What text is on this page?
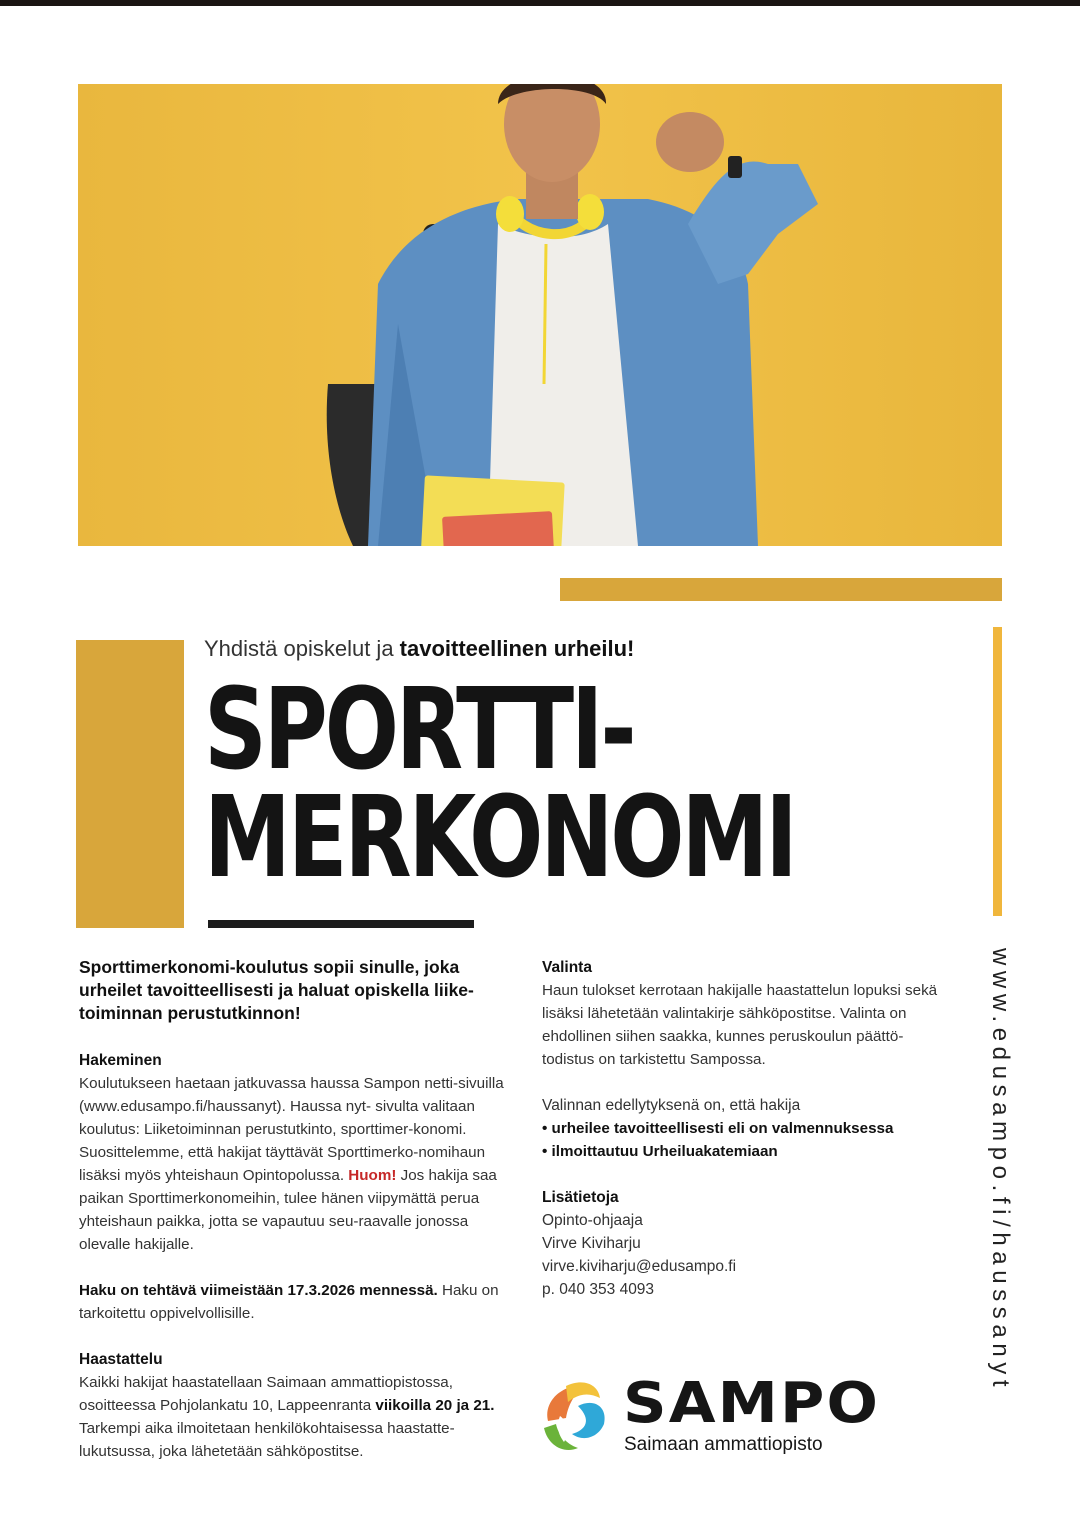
Yhdistä opiskelut ja tavoitteellinen urheilu!
SPORTTI-
MERKONOMI
www.edusampo.fi/haussanyt

Sporttimerkonomi-koulutus sopii sinulle, joka urheilet tavoitteellisesti ja haluat opiskella liike-toiminnan perustutkinnon!

Hakeminen

Koulutukseen haetaan jatkuvassa haussa Sampon netti-sivuilla (www.edusampo.fi/haussanyt). Haussa nyt- sivulta valitaan koulutus: Liiketoiminnan perustutkinto, sporttimer-konomi. Suosittelemme, että hakijat täyttävät Sporttimerko-nomihaun lisäksi myös yhteishaun Opintopolussa. Huom! Jos hakija saa paikan Sporttimerkonomeihin, tulee hänen viipymättä perua yhteishaun paikka, jotta se vapautuu seu-raavalle jonossa olevalle hakijalle.

Haku on tehtävä viimeistään 17.3.2026 mennessä. Haku on tarkoitettu oppivelvollisille.

Haastattelu

Kaikki hakijat haastatellaan Saimaan ammattiopistossa, osoitteessa Pohjolankatu 10, Lappeenranta viikoilla 20 ja 21. Tarkempi aika ilmoitetaan henkilökohtaisessa haastatte-lukutsussa, joka lähetetään sähköpostitse.

Valinta

Haun tulokset kerrotaan hakijalle haastattelun lopuksi sekä lisäksi lähetetään valintakirje sähköpostitse. Valinta on ehdollinen siihen saakka, kunnes peruskoulun päättö-todistus on tarkistettu Sampossa.

Valinnan edellytyksenä on, että hakija

• urheilee tavoitteellisesti eli on valmennuksessa

• ilmoittautuu Urheiluakatemiaan

Lisätietoja

Opinto-ohjaaja

Virve Kiviharju

virve.kiviharju@edusampo.fi

p. 040 353 4093

SAMPO
Saimaan ammattiopisto
